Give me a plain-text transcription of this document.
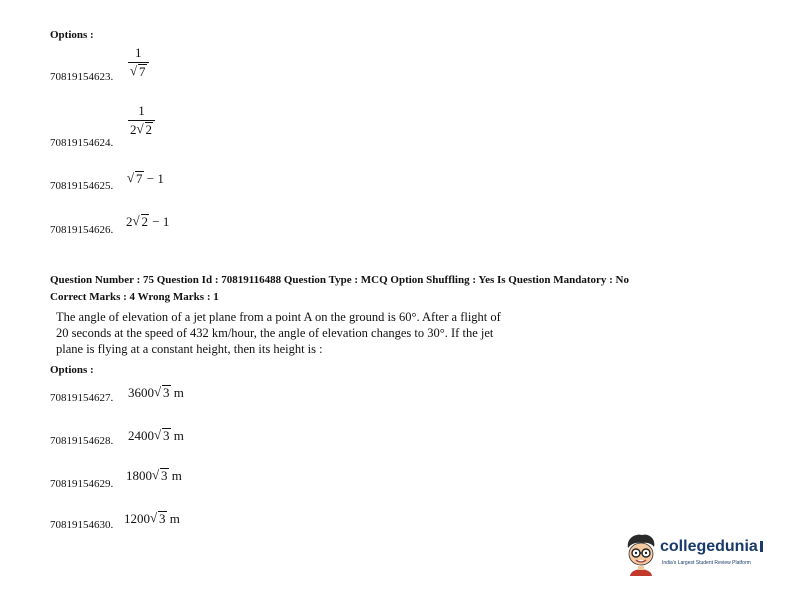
Options :
70819154623. $\frac{1}{√ 7}$
70819154624.
$\frac{1}{2 √ 2}$
70819154625.
√ 7 − 1
70819154626.
2 √ 2 − 1
Question Number : 75 Question Id : 70819116488 Question Type : MCQ Option Shuffling : Yes Is Question Mandatory : No
Correct Marks : 4 Wrong Marks : 1
The angle of elevation of a jet plane from a point A on the ground is 60°. After a flight of
20 seconds at the speed of 432 km/hour, the angle of elevation changes to 30°. If the jet
plane is flying at a constant height, then its height is :
Options :
70819154627. 3600 √ 3 m
70819154628. 2400 √ 3 m
70819154629.
1800 √ 3 m
70819154630. 1200 √ 3 m
collegedunia
India's Largest Student Review Platform
